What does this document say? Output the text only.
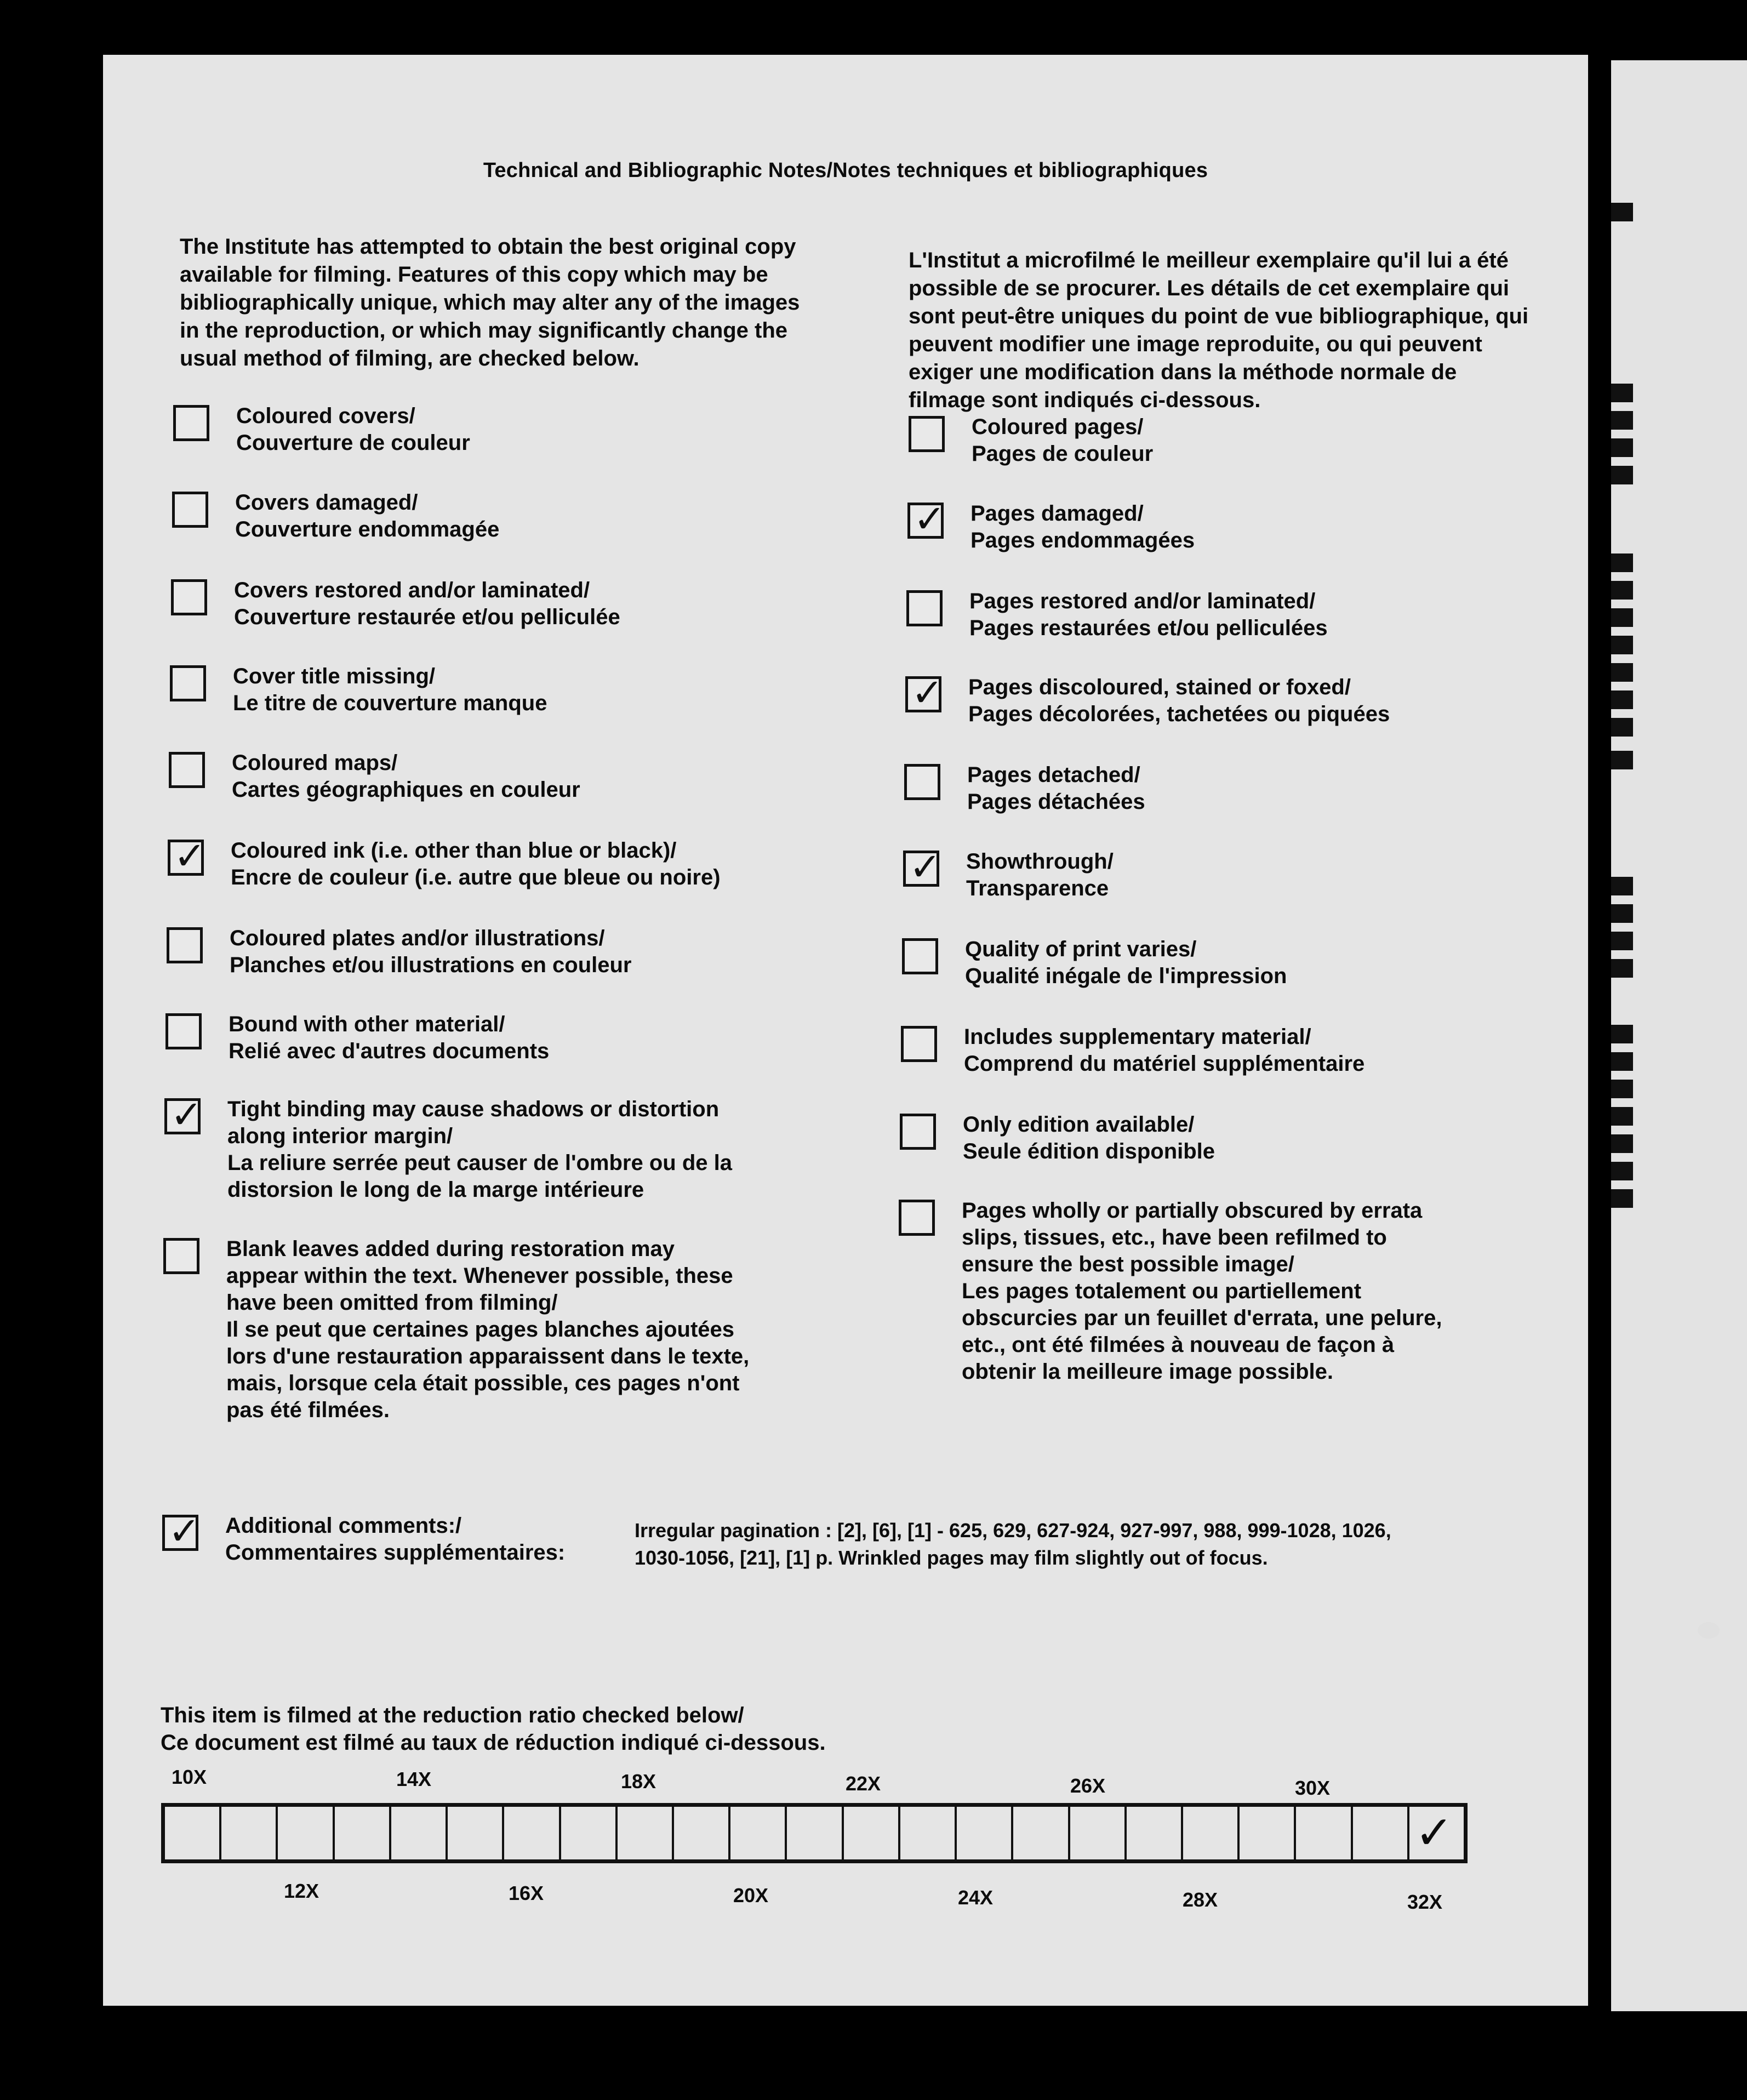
Technical and Bibliographic Notes/Notes techniques et bibliographiques

The Institute has attempted to obtain the best original copy available for filming. Features of this copy which may be bibliographically unique, which may alter any of the images in the reproduction, or which may significantly change the usual method of filming, are checked below.

L'Institut a microfilmé le meilleur exemplaire qu'il lui a été possible de se procurer. Les détails de cet exemplaire qui sont peut-être uniques du point de vue bibliographique, qui peuvent modifier une image reproduite, ou qui peuvent exiger une modification dans la méthode normale de filmage sont indiqués ci-dessous.

Coloured covers/
Couverture de couleur
Covers damaged/
Couverture endommagée
Covers restored and/or laminated/
Couverture restaurée et/ou pelliculée
Cover title missing/
Le titre de couverture manque
Coloured maps/
Cartes géographiques en couleur
✓ Coloured ink (i.e. other than blue or black)/
Encre de couleur (i.e. autre que bleue ou noire)
Coloured plates and/or illustrations/
Planches et/ou illustrations en couleur
Bound with other material/
Relié avec d'autres documents
✓ Tight binding may cause shadows or distortion
along interior margin/
La reliure serrée peut causer de l'ombre ou de la
distorsion le long de la marge intérieure
Blank leaves added during restoration may
appear within the text. Whenever possible, these
have been omitted from filming/
Il se peut que certaines pages blanches ajoutées
lors d'une restauration apparaissent dans le texte,
mais, lorsque cela était possible, ces pages n'ont
pas été filmées.
Coloured pages/
Pages de couleur
✓ Pages damaged/
Pages endommagées
Pages restored and/or laminated/
Pages restaurées et/ou pelliculées
✓ Pages discoloured, stained or foxed/
Pages décolorées, tachetées ou piquées
Pages detached/
Pages détachées
✓ Showthrough/
Transparence
Quality of print varies/
Qualité inégale de l'impression
Includes supplementary material/
Comprend du matériel supplémentaire
Only edition available/
Seule édition disponible
Pages wholly or partially obscured by errata
slips, tissues, etc., have been refilmed to
ensure the best possible image/
Les pages totalement ou partiellement
obscurcies par un feuillet d'errata, une pelure,
etc., ont été filmées à nouveau de façon à
obtenir la meilleure image possible.
✓ Additional comments:/
Commentaires supplémentaires:
Irregular pagination : [2], [6], [1] - 625, 629, 627-924, 927-997, 988, 999-1028, 1026,
1030-1056, [21], [1] p. Wrinkled pages may film slightly out of focus.
This item is filmed at the reduction ratio checked below/
Ce document est filmé au taux de réduction indiqué ci-dessous.
10X	14X	18X	22X	26X	30X
✓
12X	16X	20X	24X	28X	32X
